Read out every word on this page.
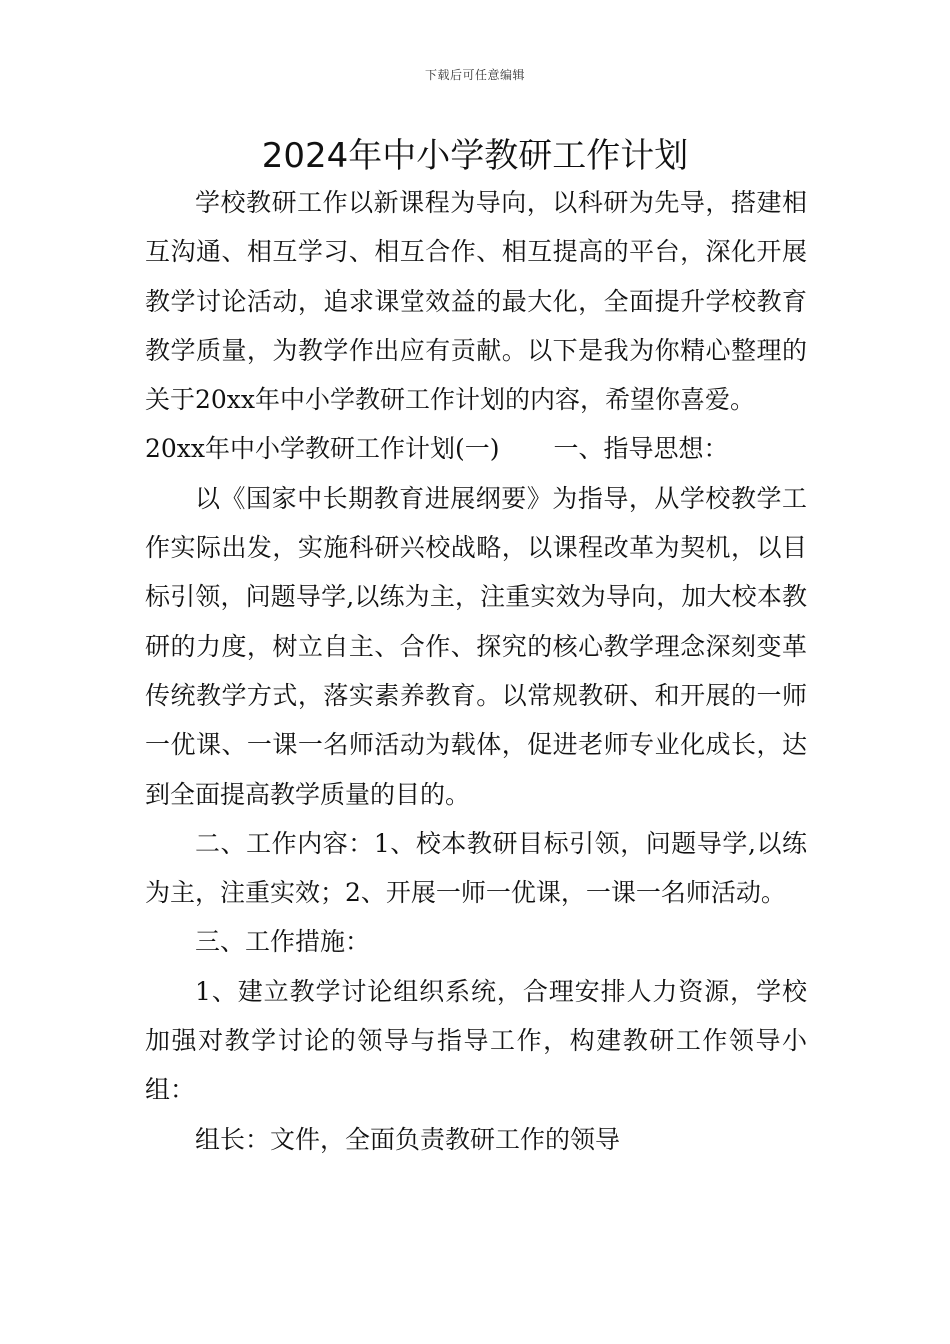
下载后可任意编辑
2024年中小学教研工作计划

学校教研工作以新课程为导向，以科研为先导，搭建相互沟通、相互学习、相互合作、相互提高的平台，深化开展教学讨论活动，追求课堂效益的最大化，全面提升学校教育教学质量，为教学作出应有贡献。以下是我为你精心整理的关于20xx年中小学教研工作计划的内容，希望你喜爱。

20xx年中小学教研工作计划(一) 一、指导思想：

以《国家中长期教育进展纲要》为指导，从学校教学工作实际出发，实施科研兴校战略，以课程改革为契机，以目标引领，问题导学,以练为主，注重实效为导向，加大校本教研的力度，树立自主、合作、探究的核心教学理念深刻变革传统教学方式，落实素养教育。以常规教研、和开展的一师一优课、一课一名师活动为载体，促进老师专业化成长，达到全面提高教学质量的目的。

二、工作内容：1、校本教研目标引领，问题导学,以练为主，注重实效；2、开展一师一优课，一课一名师活动。

三、工作措施：

1、建立教学讨论组织系统，合理安排人力资源，学校加强对教学讨论的领导与指导工作，构建教研工作领导小组：

组长：文件，全面负责教研工作的领导
